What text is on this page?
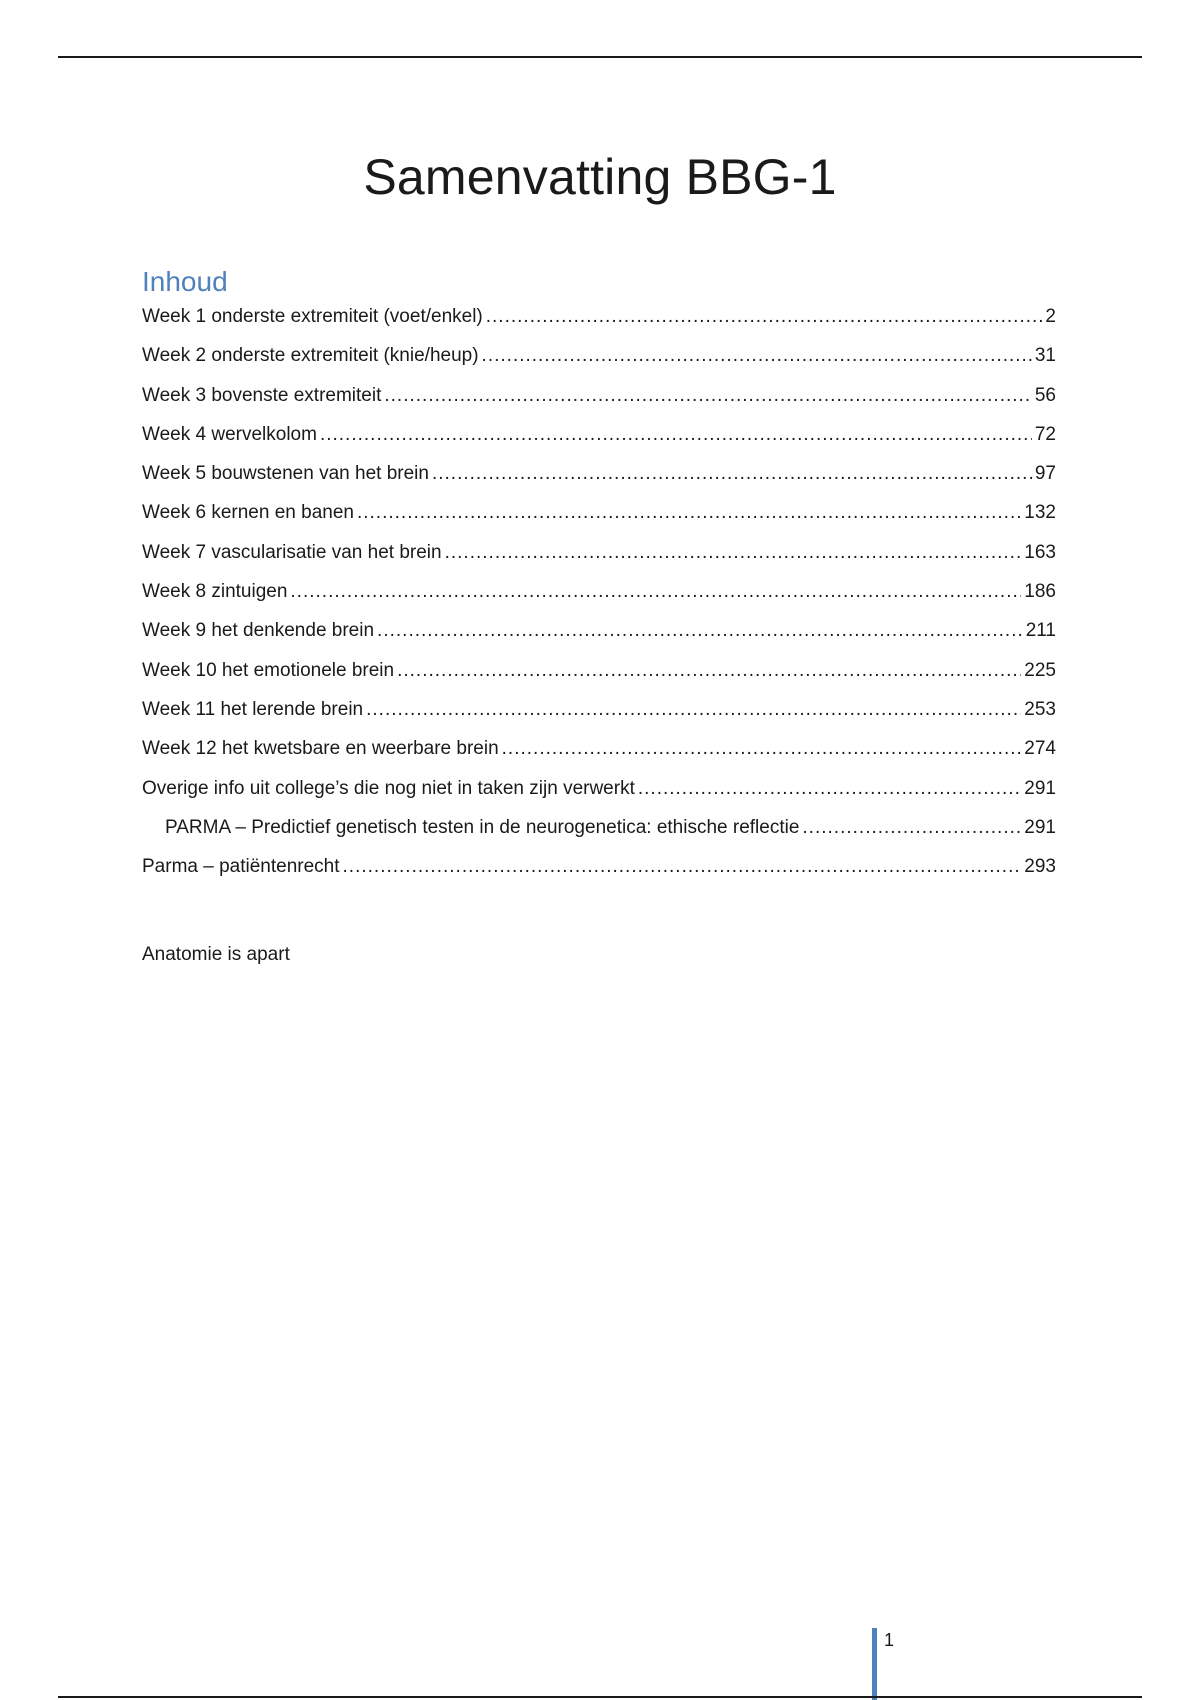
Samenvatting BBG-1
Inhoud
Week 1 onderste extremiteit (voet/enkel) .....	2
Week 2 onderste extremiteit (knie/heup) .....	31
Week 3 bovenste extremiteit .....	56
Week 4 wervelkolom .....	72
Week 5 bouwstenen van het brein .....	97
Week 6 kernen en banen .....	132
Week 7 vascularisatie van het brein .....	163
Week 8 zintuigen .....	186
Week 9 het denkende brein .....	211
Week 10 het emotionele brein .....	225
Week 11 het lerende brein .....	253
Week 12 het kwetsbare en weerbare brein .....	274
Overige info uit college’s die nog niet in taken zijn verwerkt .....	291
PARMA – Predictief genetisch testen in de neurogenetica: ethische reflectie .....	291
Parma – patiëntenrecht .....	293

Anatomie is apart

1
